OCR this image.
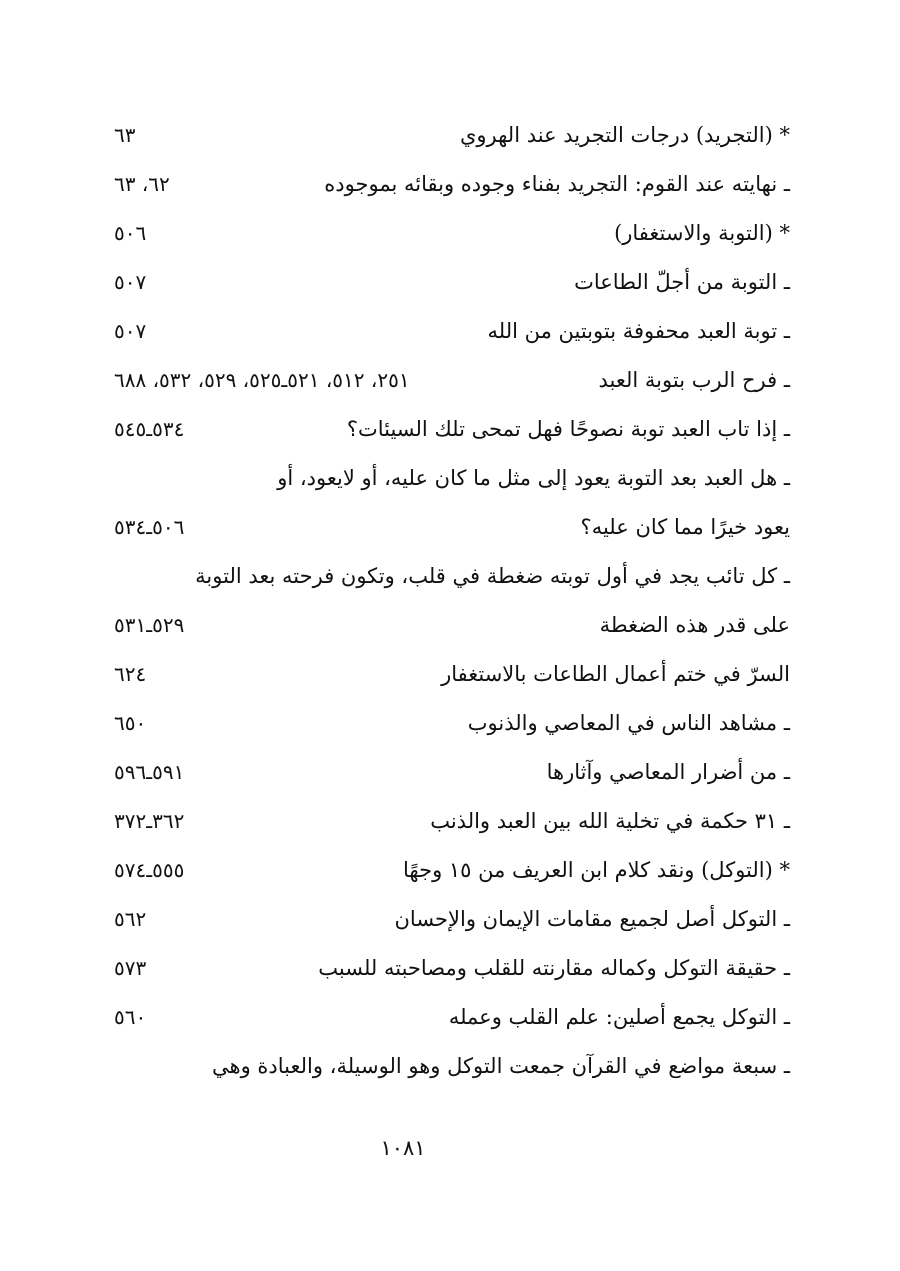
* (التجريد) درجات التجريد عند الهروي
٦٣
ـ نهايته عند القوم: التجريد بفناء وجوده وبقائه بموجوده
٦٢، ٦٣
* (التوبة والاستغفار)
٥٠٦
ـ التوبة من أجلّ الطاعات
٥٠٧
ـ توبة العبد محفوفة بتوبتين من الله
٥٠٧
ـ فرح الرب بتوبة العبد
٢٥١، ٥١٢، ٥٢١ـ٥٢٥، ٥٢٩، ٥٣٢، ٦٨٨
ـ إذا تاب العبد توبة نصوحًا فهل تمحى تلك السيئات؟
٥٣٤ـ٥٤٥
ـ هل العبد بعد التوبة يعود إلى مثل ما كان عليه، أو لايعود، أو
يعود خيرًا مما كان عليه؟
٥٠٦ـ٥٣٤
ـ كل تائب يجد في أول توبته ضغطة في قلب، وتكون فرحته بعد التوبة
على قدر هذه الضغطة
٥٢٩ـ٥٣١
السرّ في ختم أعمال الطاعات بالاستغفار
٦٢٤
ـ مشاهد الناس في المعاصي والذنوب
٦٥٠
ـ من أضرار المعاصي وآثارها
٥٩١ـ٥٩٦
ـ ٣١ حكمة في تخلية الله بين العبد والذنب
٣٦٢ـ٣٧٢
* (التوكل) ونقد كلام ابن العريف من ١٥ وجهًا
٥٥٥ـ٥٧٤
ـ التوكل أصل لجميع مقامات الإيمان والإحسان
٥٦٢
ـ حقيقة التوكل وكماله مقارنته للقلب ومصاحبته للسبب
٥٧٣
ـ التوكل يجمع أصلين: علم القلب وعمله
٥٦٠
ـ سبعة مواضع في القرآن جمعت التوكل وهو الوسيلة، والعبادة وهي
١٠٨١
